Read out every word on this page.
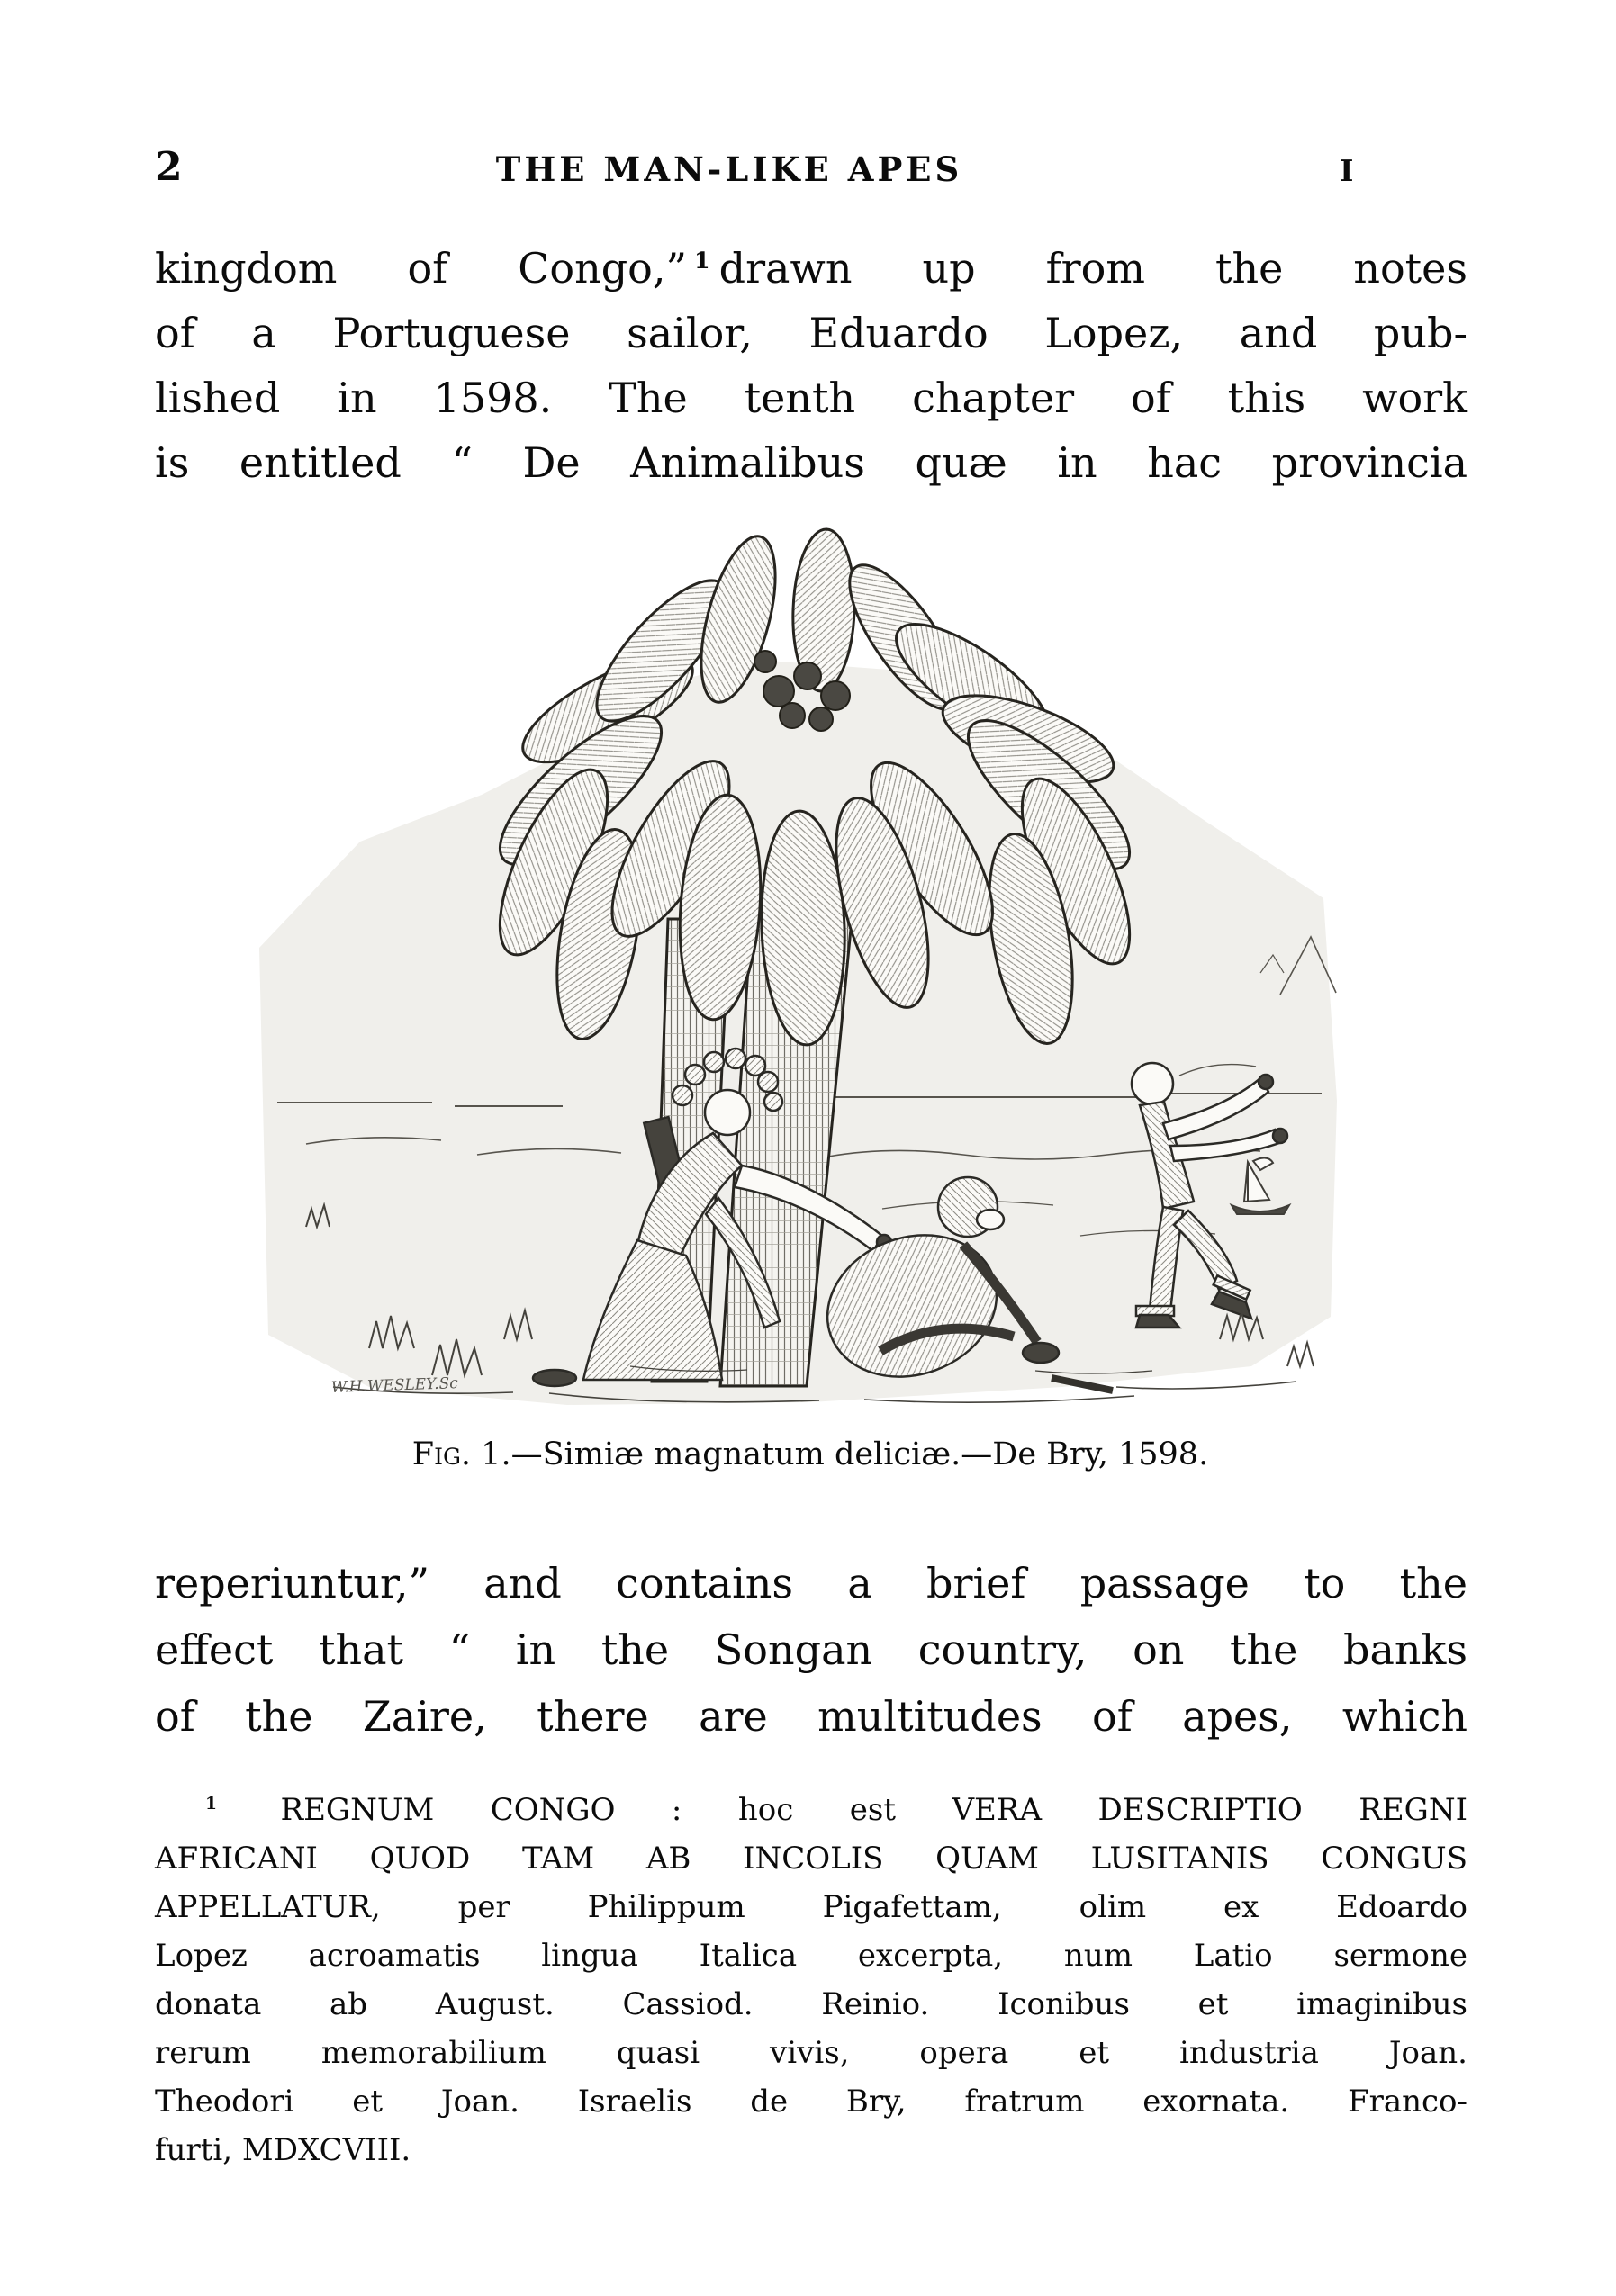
2	THE MAN-LIKE APES	I
kingdom of Congo,” $^1$ drawn up from the notes
of a Portuguese sailor, Eduardo Lopez, and pub-
lished in 1598. The tenth chapter of this work
is entitled “ De Animalibus quæ in hac provincia
W.H.WESLEY.Sc
Fig. 1.—Simiæ magnatum deliciæ.—De Bry, 1598.
reperiuntur,” and contains a brief passage to the
effect that “ in the Songan country, on the banks
of the Zaire, there are multitudes of apes, which
$^1$ REGNUM CONGO : hoc est VERA DESCRIPTIO REGNI
AFRICANI QUOD TAM AB INCOLIS QUAM LUSITANIS CONGUS
APPELLATUR, per Philippum Pigafettam, olim ex Edoardo
Lopez acroamatis lingua Italica excerpta, num Latio sermone
donata ab August. Cassiod. Reinio. Iconibus et imaginibus
rerum memorabilium quasi vivis, opera et industria Joan.
Theodori et Joan. Israelis de Bry, fratrum exornata. Franco-
furti, MDXCVIII.
